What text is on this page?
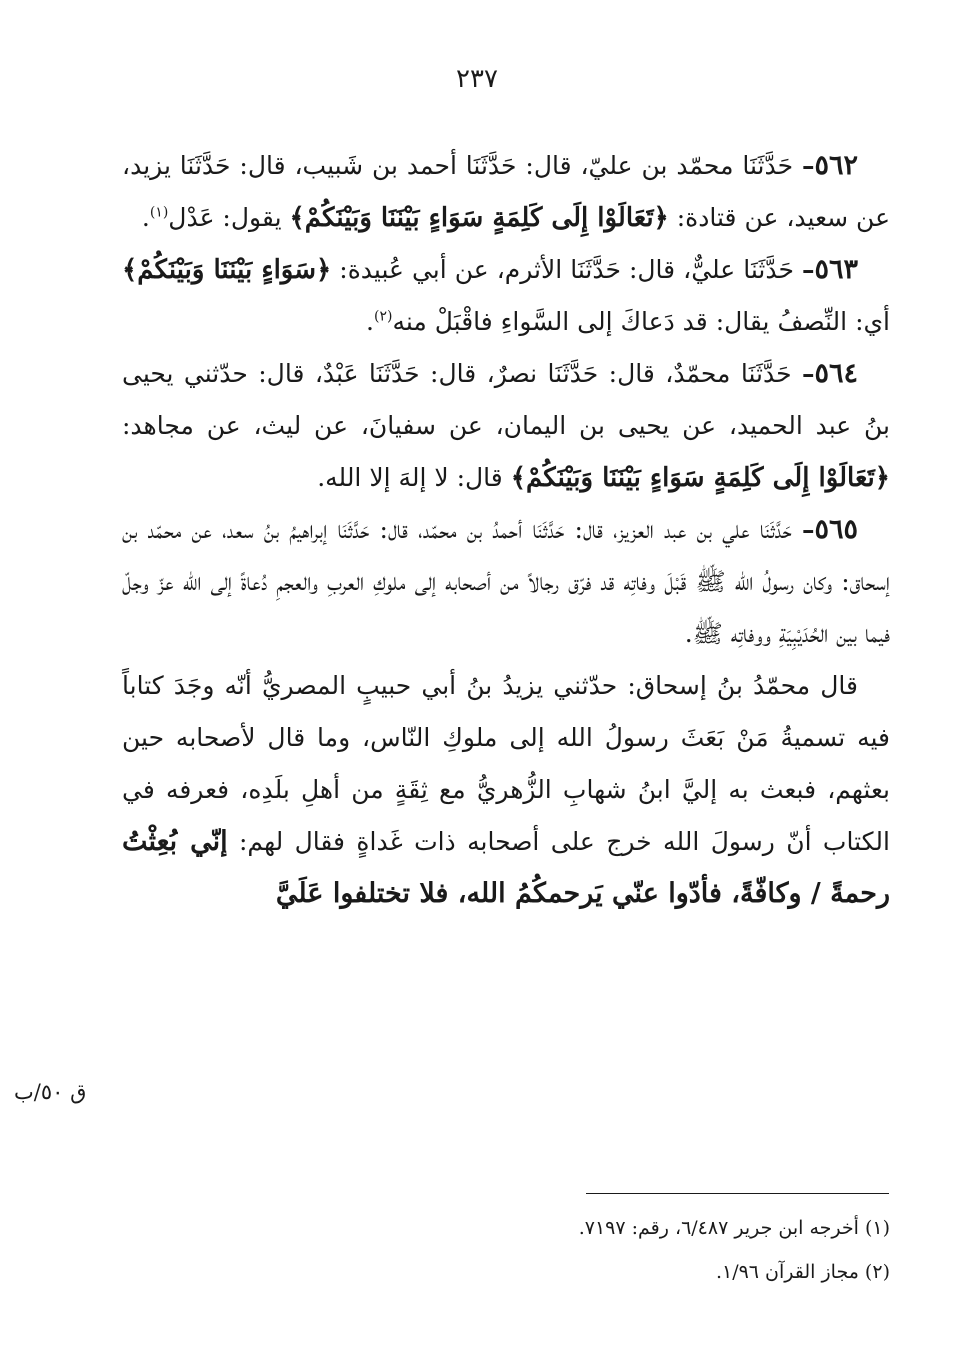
٢٣٧

٥٦٢– حَدَّثَنَا محمّد بن عليّ، قال: حَدَّثَنَا أحمد بن شَبيب، قال: حَدَّثَنَا يزيد، عن سعيد، عن قتادة: ﴿تَعَالَوْا إِلَى كَلِمَةٍ سَوَاءٍ بَيْنَنَا وَبَيْنَكُمْ﴾ يقول: عَدْل$^{(١)}$.

٥٦٣– حَدَّثَنَا عليٌّ، قال: حَدَّثَنَا الأثرم، عن أبي عُبيدة: ﴿سَوَاءٍ بَيْنَنَا وَبَيْنَكُمْ﴾ أي: النِّصفُ يقال: قد دَعاكَ إلى السَّواءِ فاقْبَلْ منه$^{(٢)}$.

٥٦٤– حَدَّثَنَا محمّدٌ، قال: حَدَّثَنَا نصرٌ، قال: حَدَّثَنَا عَبْدٌ، قال: حدّثني يحيى بنُ عبد الحميد، عن يحيى بن اليمان، عن سفيانَ، عن ليث، عن مجاهد: ﴿تَعَالَوْا إِلَى كَلِمَةٍ سَوَاءٍ بَيْنَنَا وَبَيْنَكُمْ﴾ قال: لا إلهَ إلا الله.

٥٦٥– حَدَّثَنَا علي بن عبد العزيز، قال: حَدَّثَنَا أحمدُ بن محمّد، قال: حَدَّثَنَا إبراهيمُ بنُ سعد، عن محمّد بن إسحاق: وكان رسولُ الله ﷺ قَبْلَ وفاتِه قد فرّق رجالاً من أصحابه إلى ملوكِ العربِ والعجمِ دُعاةً إلى الله عزّ وجلّ فيما بين الحُدَيْبِيَةِ ووفاتِه ﷺ.

قال محمّدُ بنُ إسحاق: حدّثني يزيدُ بنُ أبي حبيبٍ المصريُّ أنّه وجَدَ كتاباً فيه تسميةُ مَنْ بَعَثَ رسولُ الله إلى ملوكِ النّاس، وما قال لأصحابه حين بعثهم، فبعث به إليَّ ابنُ شهابِ الزُّهريُّ مع ثِقَةٍ من أهلِ بلَدِه، فعرفه في الكتاب أنّ رسولَ الله خرج على أصحابه ذات غَداةٍ فقال لهم: إنّي بُعِثْتُ رحمةً / وكافّةً، فأدّوا عنّي يَرحمكُمُ الله، فلا تختلفوا عَلَيَّ

ق ٥٠/ب

(١) أخرجه ابن جرير ٦/٤٨٧، رقم: ٧١٩٧.

(٢) مجاز القرآن ١/٩٦.
